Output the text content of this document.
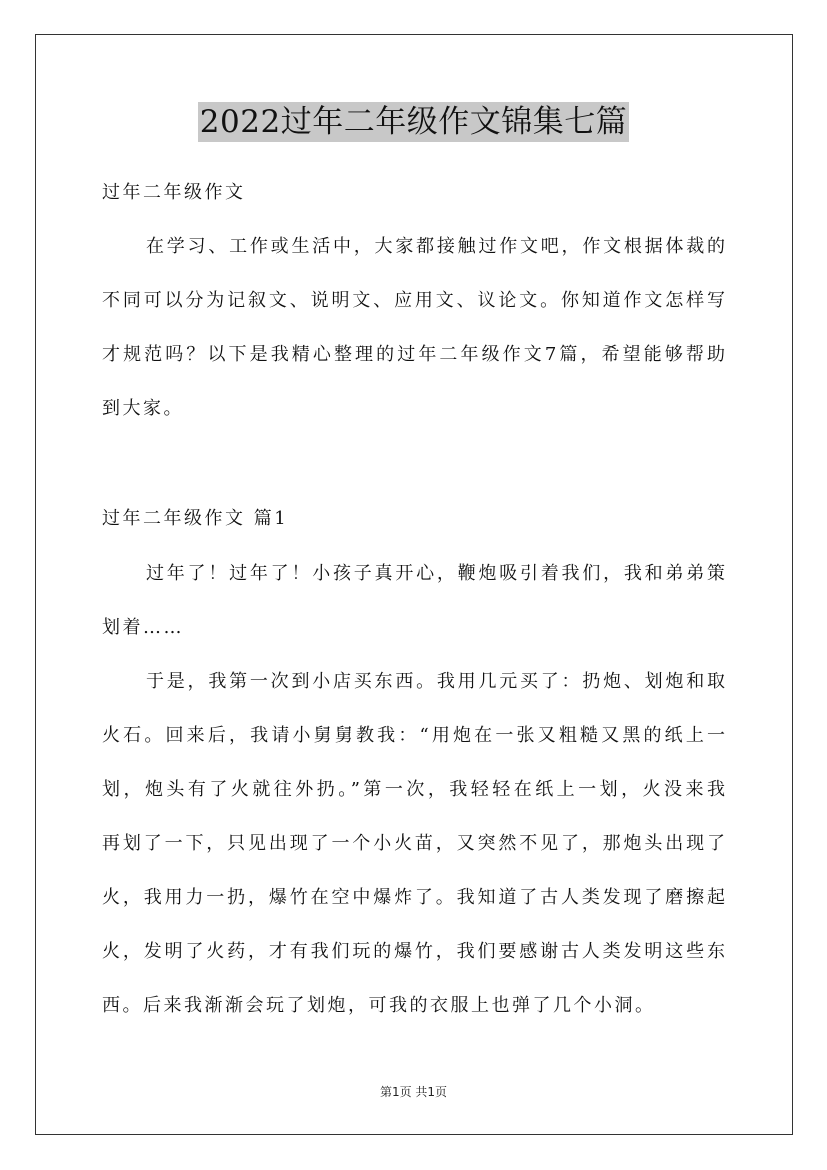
2022过年二年级作文锦集七篇
过年二年级作文
在学习、工作或生活中，大家都接触过作文吧，作文根据体裁的
不同可以分为记叙文、说明文、应用文、议论文。你知道作文怎样写
才规范吗？以下是我精心整理的过年二年级作文7篇，希望能够帮助
到大家。
过年二年级作文 篇1
过年了！过年了！小孩子真开心，鞭炮吸引着我们，我和弟弟策
划着……
于是，我第一次到小店买东西。我用几元买了：扔炮、划炮和取
火石。回来后，我请小舅舅教我：“用炮在一张又粗糙又黑的纸上一
划，炮头有了火就往外扔。”第一次，我轻轻在纸上一划，火没来我
再划了一下，只见出现了一个小火苗，又突然不见了，那炮头出现了
火，我用力一扔，爆竹在空中爆炸了。我知道了古人类发现了磨擦起
火，发明了火药，才有我们玩的爆竹，我们要感谢古人类发明这些东
西。后来我渐渐会玩了划炮，可我的衣服上也弹了几个小洞。
第1页 共1页
